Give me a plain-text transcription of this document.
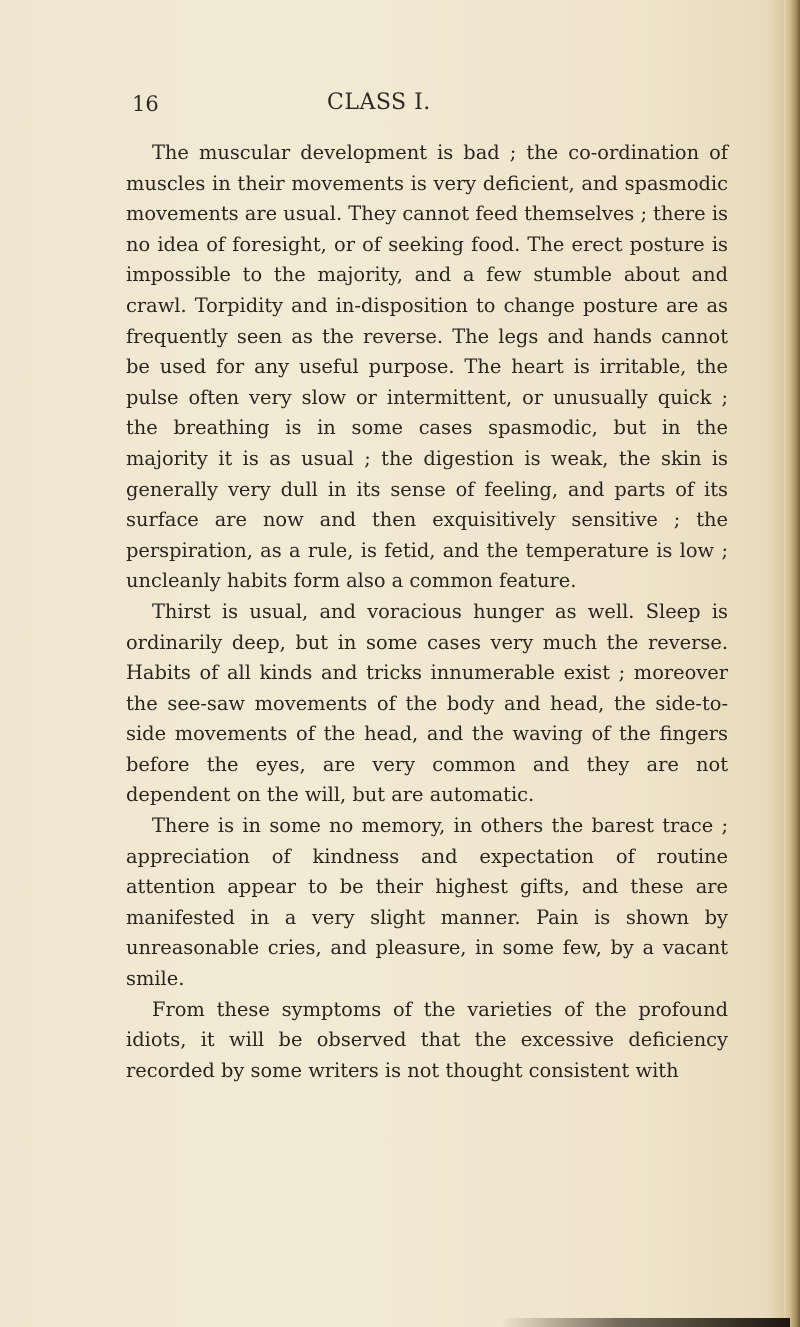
16	CLASS I.

The muscular development is bad ; the co-ordination of muscles in their movements is very deficient, and spasmodic movements are usual. They cannot feed themselves ; there is no idea of foresight, or of seeking food. The erect posture is impossible to the majority, and a few stumble about and crawl. Torpidity and in-disposition to change posture are as frequently seen as the reverse. The legs and hands cannot be used for any useful purpose. The heart is irritable, the pulse often very slow or intermittent, or unusually quick ; the breathing is in some cases spasmodic, but in the majority it is as usual ; the digestion is weak, the skin is generally very dull in its sense of feeling, and parts of its surface are now and then exquisitively sensitive ; the perspiration, as a rule, is fetid, and the temperature is low ; uncleanly habits form also a common feature.

Thirst is usual, and voracious hunger as well. Sleep is ordinarily deep, but in some cases very much the reverse. Habits of all kinds and tricks innumerable exist ; moreover the see-saw movements of the body and head, the side-to-side movements of the head, and the waving of the fingers before the eyes, are very common and they are not dependent on the will, but are automatic.

There is in some no memory, in others the barest trace ; appreciation of kindness and expectation of routine attention appear to be their highest gifts, and these are manifested in a very slight manner. Pain is shown by unreasonable cries, and pleasure, in some few, by a vacant smile.

From these symptoms of the varieties of the profound idiots, it will be observed that the excessive deficiency recorded by some writers is not thought consistent with
